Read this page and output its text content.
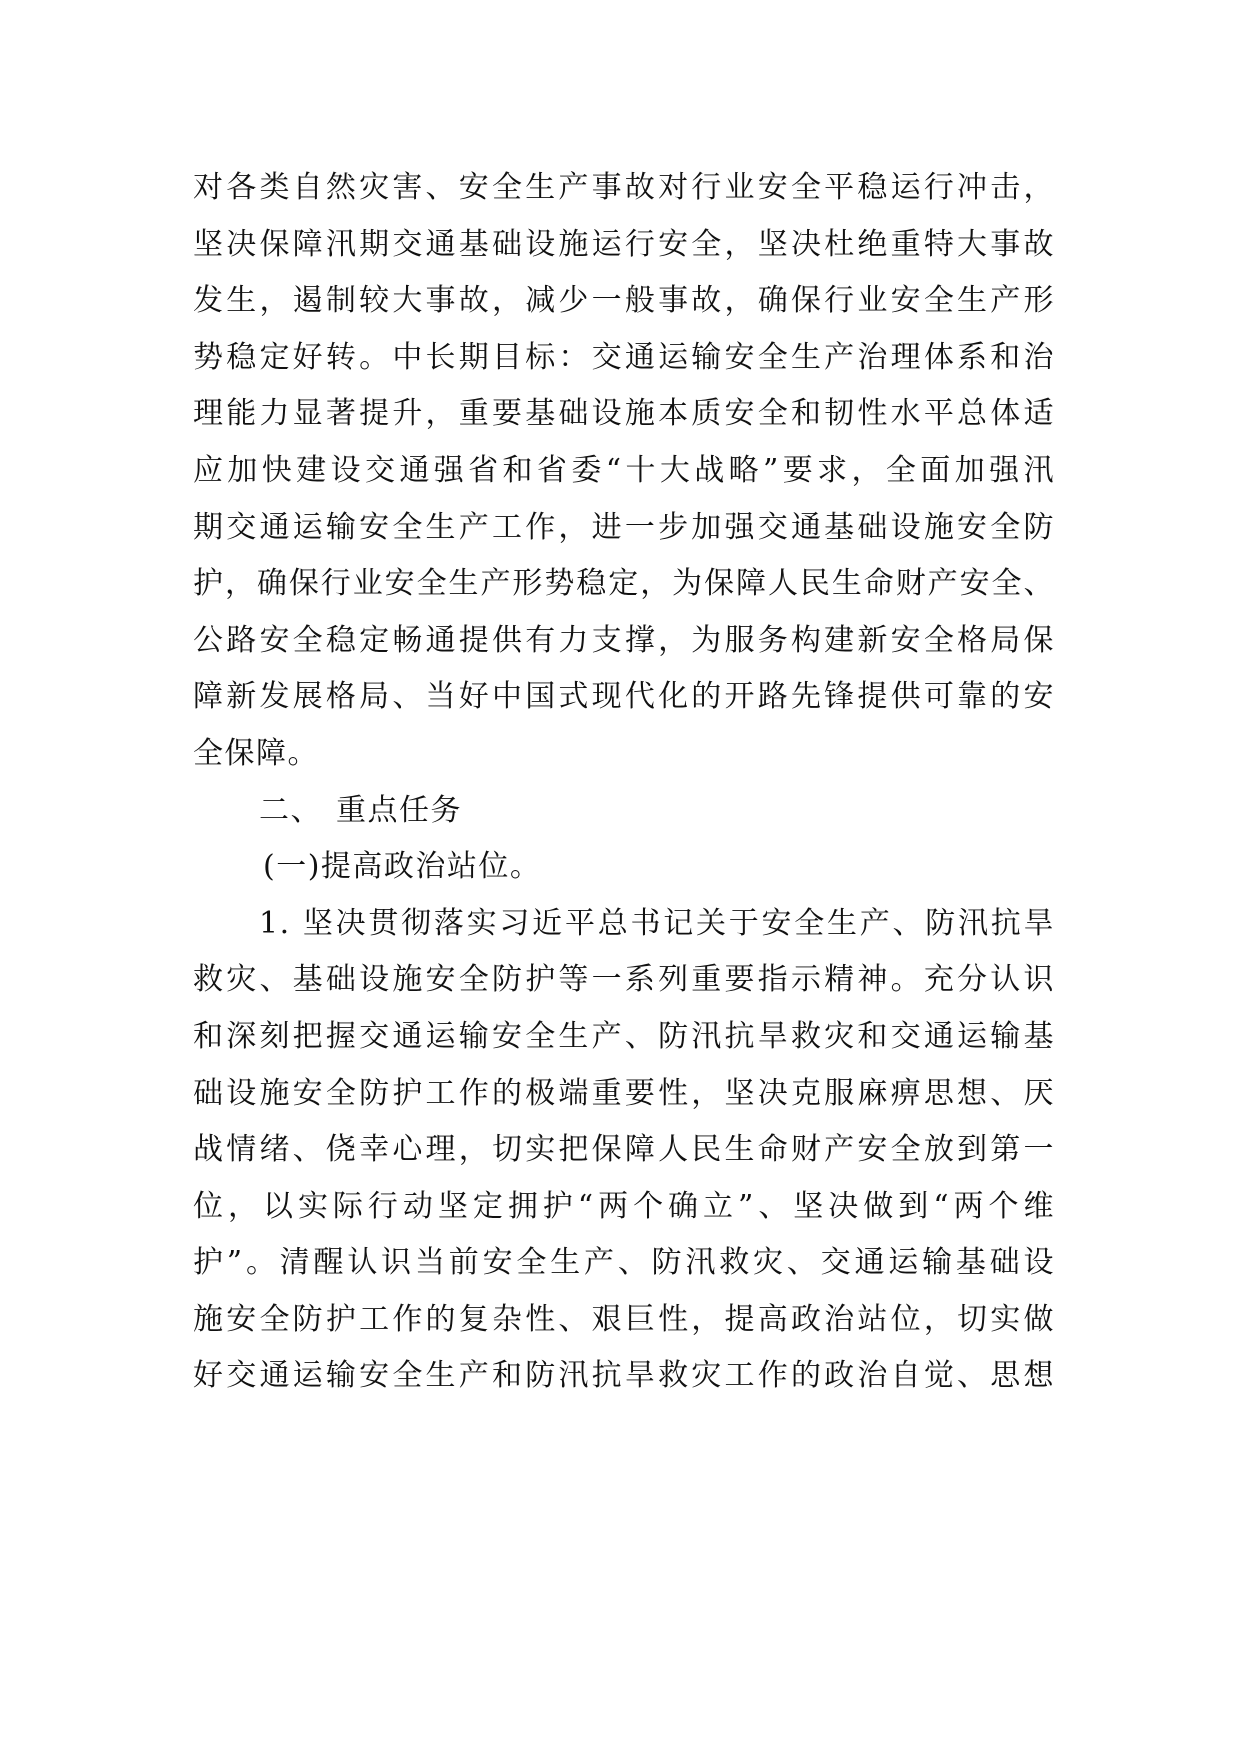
对各类自然灾害、安全生产事故对行业安全平稳运行冲击，
坚决保障汛期交通基础设施运行安全，坚决杜绝重特大事故
发生，遏制较大事故，减少一般事故，确保行业安全生产形
势稳定好转。中长期目标：交通运输安全生产治理体系和治
理能力显著提升，重要基础设施本质安全和韧性水平总体适
应加快建设交通强省和省委“十大战略”要求，全面加强汛
期交通运输安全生产工作，进一步加强交通基础设施安全防
护，确保行业安全生产形势稳定，为保障人民生命财产安全、
公路安全稳定畅通提供有力支撑，为服务构建新安全格局保
障新发展格局、当好中国式现代化的开路先锋提供可靠的安
全保障。
二、 重点任务
(一)提高政治站位。
1. 坚决贯彻落实习近平总书记关于安全生产、防汛抗旱
救灾、基础设施安全防护等一系列重要指示精神。充分认识
和深刻把握交通运输安全生产、防汛抗旱救灾和交通运输基
础设施安全防护工作的极端重要性，坚决克服麻痹思想、厌
战情绪、侥幸心理，切实把保障人民生命财产安全放到第一
位，以实际行动坚定拥护“两个确立”、坚决做到“两个维
护”。清醒认识当前安全生产、防汛救灾、交通运输基础设
施安全防护工作的复杂性、艰巨性，提高政治站位，切实做
好交通运输安全生产和防汛抗旱救灾工作的政治自觉、思想
